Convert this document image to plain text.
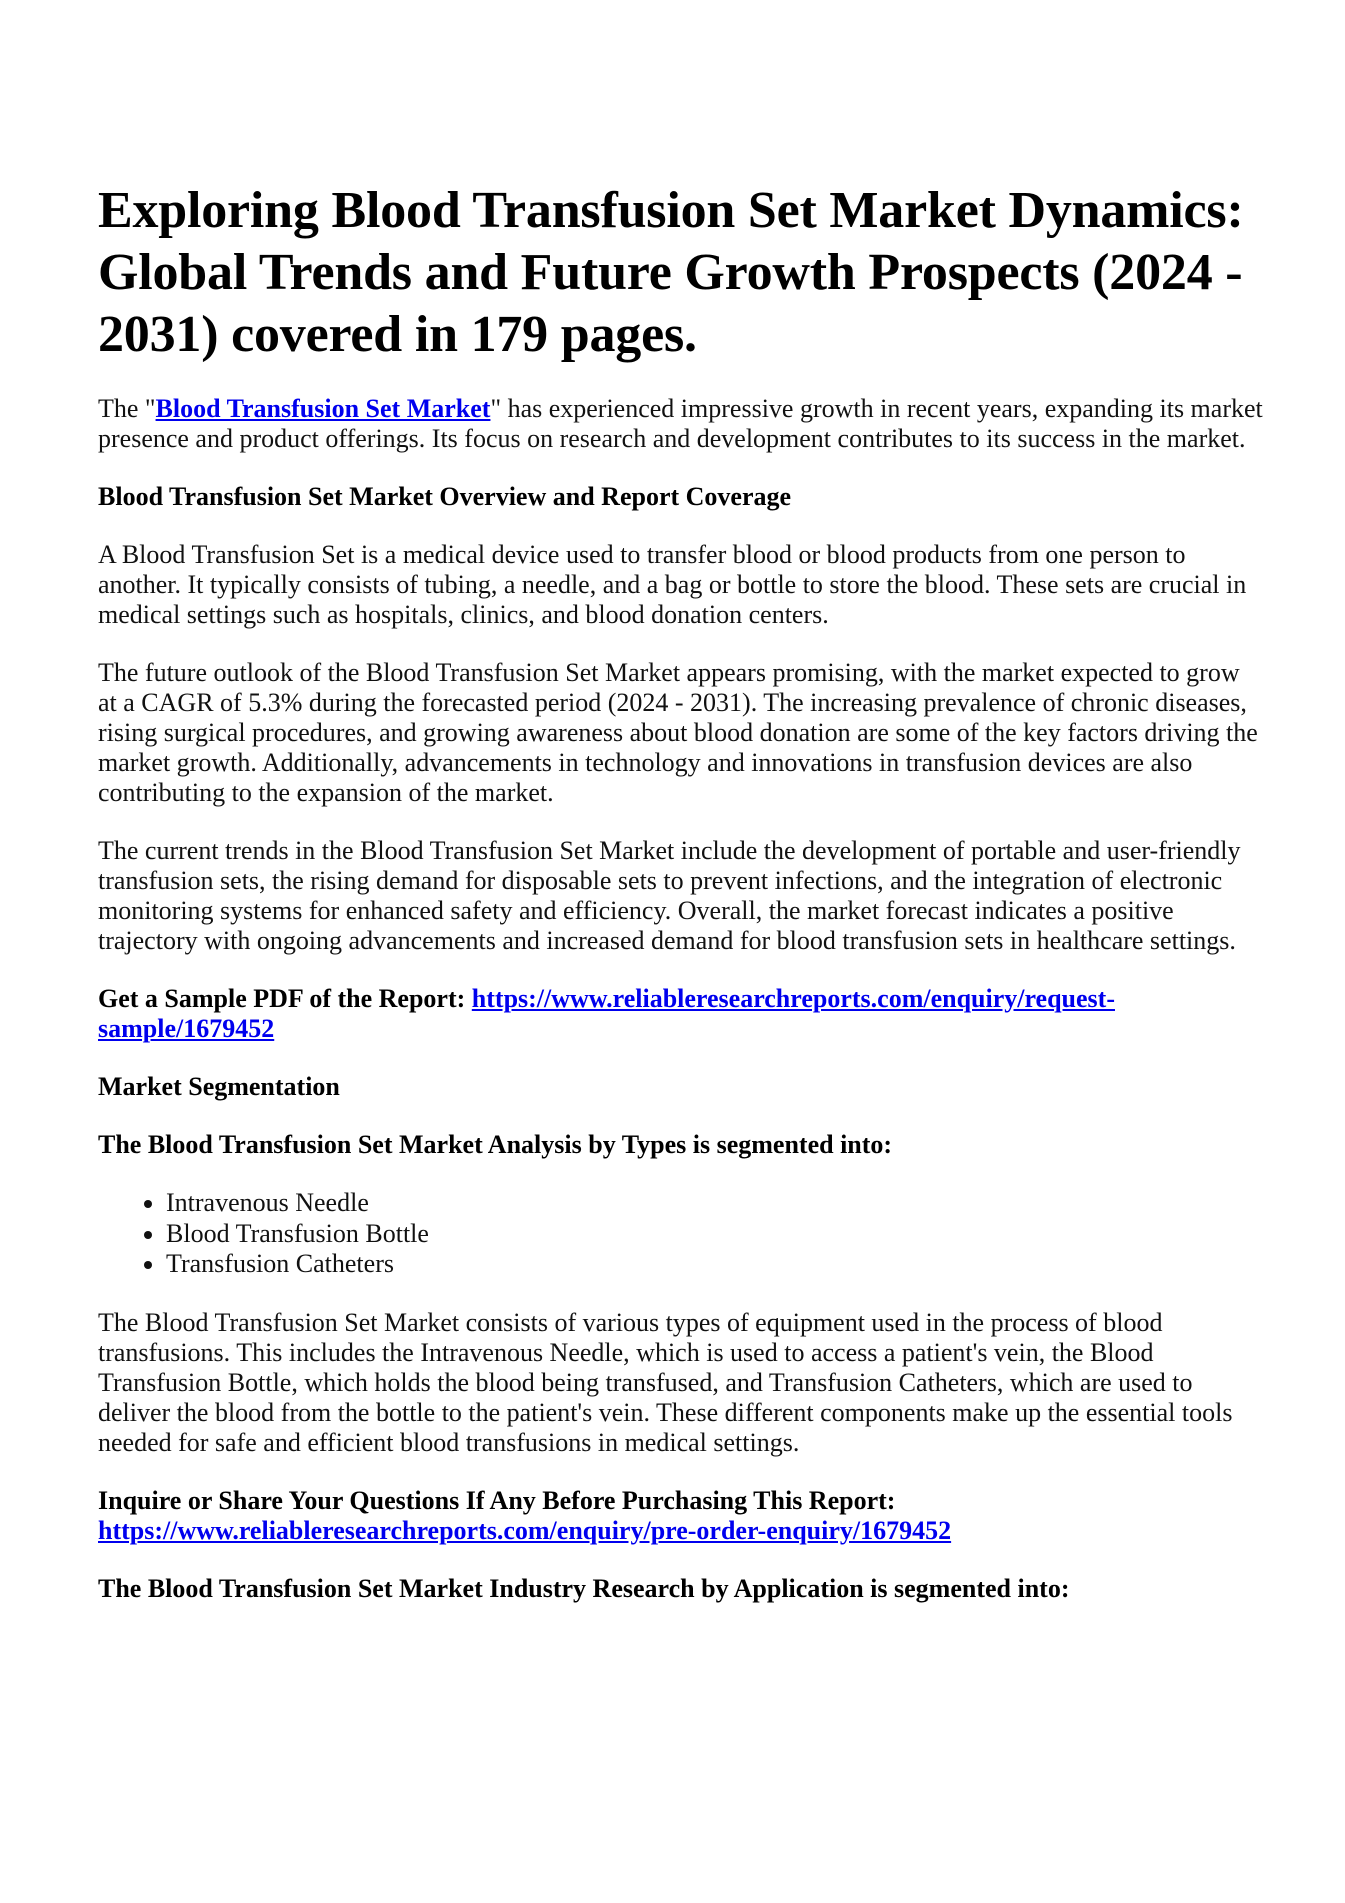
Exploring Blood Transfusion Set Market Dynamics: Global Trends and Future Growth Prospects (2024 - 2031) covered in 179 pages.

The "Blood Transfusion Set Market" has experienced impressive growth in recent years, expanding its market presence and product offerings. Its focus on research and development contributes to its success in the market.

Blood Transfusion Set Market Overview and Report Coverage

A Blood Transfusion Set is a medical device used to transfer blood or blood products from one person to another. It typically consists of tubing, a needle, and a bag or bottle to store the blood. These sets are crucial in medical settings such as hospitals, clinics, and blood donation centers.

The future outlook of the Blood Transfusion Set Market appears promising, with the market expected to grow at a CAGR of 5.3% during the forecasted period (2024 - 2031). The increasing prevalence of chronic diseases, rising surgical procedures, and growing awareness about blood donation are some of the key factors driving the market growth. Additionally, advancements in technology and innovations in transfusion devices are also contributing to the expansion of the market.

The current trends in the Blood Transfusion Set Market include the development of portable and user-friendly transfusion sets, the rising demand for disposable sets to prevent infections, and the integration of electronic monitoring systems for enhanced safety and efficiency. Overall, the market forecast indicates a positive trajectory with ongoing advancements and increased demand for blood transfusion sets in healthcare settings.

Get a Sample PDF of the Report: https://www.reliableresearchreports.com/enquiry/request-sample/1679452

Market Segmentation

The Blood Transfusion Set Market Analysis by Types is segmented into:

• Intravenous Needle
• Blood Transfusion Bottle
• Transfusion Catheters

The Blood Transfusion Set Market consists of various types of equipment used in the process of blood transfusions. This includes the Intravenous Needle, which is used to access a patient's vein, the Blood Transfusion Bottle, which holds the blood being transfused, and Transfusion Catheters, which are used to deliver the blood from the bottle to the patient's vein. These different components make up the essential tools needed for safe and efficient blood transfusions in medical settings.

Inquire or Share Your Questions If Any Before Purchasing This Report: https://www.reliableresearchreports.com/enquiry/pre-order-enquiry/1679452

The Blood Transfusion Set Market Industry Research by Application is segmented into:
